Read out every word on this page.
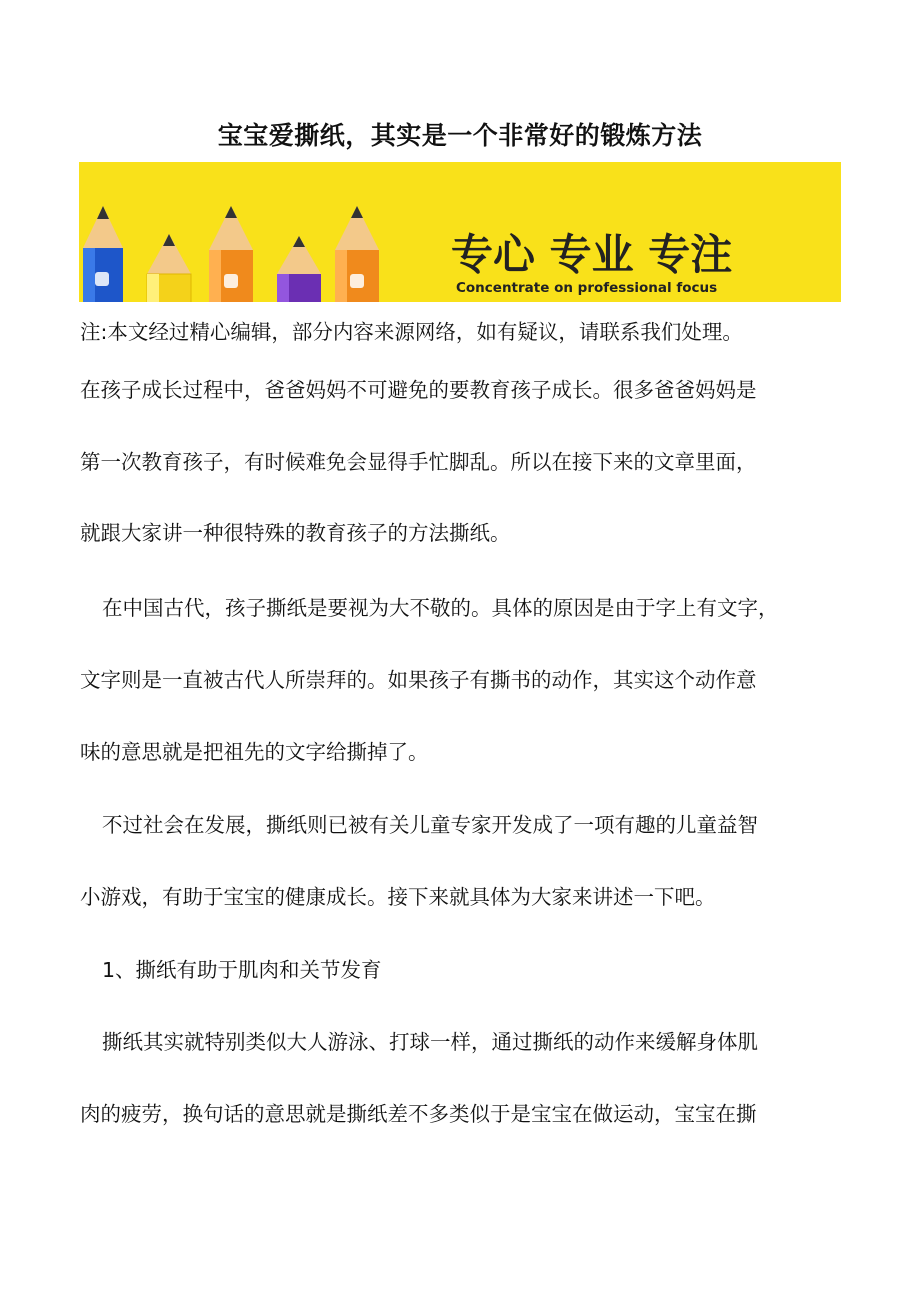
宝宝爱撕纸，其实是一个非常好的锻炼方法
专心 专业 专注
Concentrate on professional focus
注:本文经过精心编辑，部分内容来源网络，如有疑议，请联系我们处理。
在孩子成长过程中，爸爸妈妈不可避免的要教育孩子成长。很多爸爸妈妈是
第一次教育孩子，有时候难免会显得手忙脚乱。所以在接下来的文章里面，
就跟大家讲一种很特殊的教育孩子的方法撕纸。
在中国古代，孩子撕纸是要视为大不敬的。具体的原因是由于字上有文字，
文字则是一直被古代人所崇拜的。如果孩子有撕书的动作，其实这个动作意
味的意思就是把祖先的文字给撕掉了。
不过社会在发展，撕纸则已被有关儿童专家开发成了一项有趣的儿童益智
小游戏，有助于宝宝的健康成长。接下来就具体为大家来讲述一下吧。
1、撕纸有助于肌肉和关节发育
撕纸其实就特别类似大人游泳、打球一样，通过撕纸的动作来缓解身体肌
肉的疲劳，换句话的意思就是撕纸差不多类似于是宝宝在做运动，宝宝在撕
